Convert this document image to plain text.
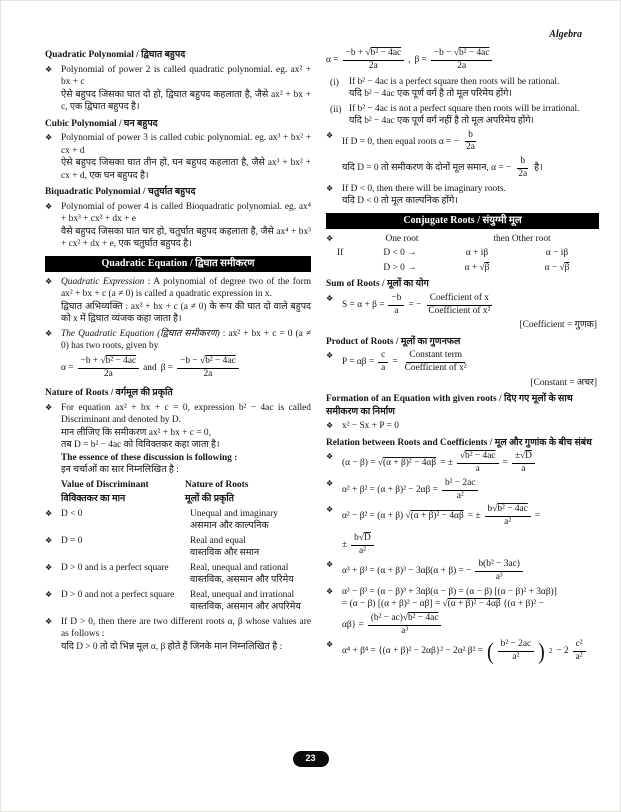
Algebra
Quadratic Polynomial / द्विघात बहुपद
❖ Polynomial of power 2 is called quadratic polynomial. eg. ax² + bx + c
ऐसे बहुपद जिसका घात दो हो, द्विघात बहुपद कहलाता है, जैसे ax² + bx + c, एक द्विघात बहुपद है।
Cubic Polynomial / घन बहुपद
❖ Polynomial of power 3 is called cubic polynomial. eg. ax³ + bx² + cx + d
ऐसे बहुपद जिसका घात तीन हो, घन बहुपद कहलाता है, जैसे ax³ + bx² + cx + d, एक घन बहुपद है।
Biquadratic Polynomial / चतुर्घात बहुपद
❖ Polynomial of power 4 is called Bioquadratic polynomial. eg. ax⁴ + bx³ + cx² + dx + e
वैसे बहुपद जिसका घात चार हो, चतुर्घात बहुपद कहलाता है, जैसे ax⁴ + bx³ + cx² + dx + e, एक चतुर्घात बहुपद है।
Quadratic Equation / द्विघात समीकरण
❖ Quadratic Expression : A polynomial of degree two of the form ax² + bx + c (a ≠ 0) is called a quadratic expression in x.
द्विघात अभिव्यक्ति : ax² + bx + c (a ≠ 0) के रूप की घात दो वाले बहुपद को x में द्विघात व्यंजक कहा जाता है।
❖ The Quadratic Equation (द्विघात समीकरण) : ax² + bx + c = 0 (a ≠ 0) has two roots, given by
$\alpha = \frac{\text{−b + √b² − 4ac}}{2a}$ and $\beta = \frac{\text{−b − √b² − 4ac}}{2a}$
Nature of Roots / वर्गमूल की प्रकृति
❖ For equation ax² + bx + c = 0, expression b² − 4ac is called Discriminant and denoted by D.
मान लीजिए कि समीकरण ax² + bx + c = 0,
तब D = b² − 4ac को विविक्तकर कहा जाता है।
The essence of these discussion is following :
इन चर्चाओं का सार निम्नलिखित है :
Value of Discriminant	Nature of Roots
विविक्तकर का मान	मूलों की प्रकृति
❖ D < 0	Unequal and imaginary
असमान और काल्पनिक
❖ D = 0	Real and equal
वास्तविक और समान
❖ D > 0 and is a perfect square	Real, unequal and rational
वास्तविक, असमान और परिमेय
❖ D > 0 and not a perfect square	Real, unequal and irrational
वास्तविक, असमान और अपरिमेय
❖ If D > 0, then there are two different roots α, β whose values are as follows :
यदि D > 0 तो दो भिन्न मूल α, β होते हैं जिनके मान निम्नलिखित है :
$\alpha = \frac{\text{−b + √b² − 4ac}}{2a}$ , $\beta = \frac{\text{−b − √b² − 4ac}}{2a}$
(i)	If b² − 4ac is a perfect square then roots will be rational.
यदि b² − 4ac एक पूर्ण वर्ग है तो मूल परिमेय होंगे।
(ii) If b² − 4ac is not a perfect square then roots will be irrational.
यदि b² − 4ac एक पूर्ण वर्ग नहीं है तो मूल अपरिमेय होंगे।
❖
If D = 0, then equal roots α = − $\frac{b}{2a}$
यदि D = 0 तो समीकरण के दोनों मूल समान, α = − $\frac{b}{2a}$ है।
❖ If D < 0, then there will be imaginary roots.
यदि D < 0 तो मूल काल्पनिक होंगे।
Conjugate Roots / संयुग्मी मूल
❖	One root	then Other root
If	D < 0 →	α + iβ	α − iβ
D > 0 →	α + √β	α − √β
Sum of Roots / मूलों का योग
❖
$S = \alpha + \beta = \frac{-b}{a}$ = − $\frac{\text{Coefficient of x}}{\text{Coefficient of x²}}$
[Coefficient = गुणक]
Product of Roots / मूलों का गुणनफल
❖
$P = \alpha\beta = \frac{c}{a} = \frac{\text{Constant term}}{\text{Coefficient of x²}}$
[Constant = अचर]
Formation of an Equation with given roots / दिए गए मूलों के साथ समीकरण का निर्माण
❖ x² − Sx + P = 0
Relation between Roots and Coefficients / मूल और गुणांक के बीच संबंध
❖
(α − β) = √(α + β)² − 4αβ = ± $\frac{\text{√b² − 4ac}}{a} = \frac{\pm√D}{a}$
❖
$\alpha^2 + \beta^2 = (\alpha + \beta)^2 - 2\alpha\beta = \frac{\text{b² − 2ac}}{\text{a²}}$
❖
α² − β² = (α + β) √(α + β)² − 4αβ = ± $\frac{\text{b√b² − 4ac}}{\text{a²}}$ =
± $\frac{b√D}{\text{a²}}$
❖
α³ + β³ = (α + β)³ − 3αβ(α + β) = − $\frac{\text{b(b² − 3ac)}}{\text{a³}}$
❖ α³ − β³ = (α − β)³ + 3αβ(α − β) = (α − β) [(α − β)² + 3αβ)]
= (α − β) [(α + β)² − αβ] = √(α + β)² − 4αβ {(α + β)² −
$\alpha\beta\} = \frac{\text{(b² − ac)√b² − 4ac}}{\text{a³}}$
❖
α⁴ + β⁴ = {(α + β)² − 2αβ}² − 2α² β² = ( $\frac{\text{b² − 2ac}}{\text{a²}}$ ) $2 - 2 \frac{\text{c²}}{\text{a²}}$
23
